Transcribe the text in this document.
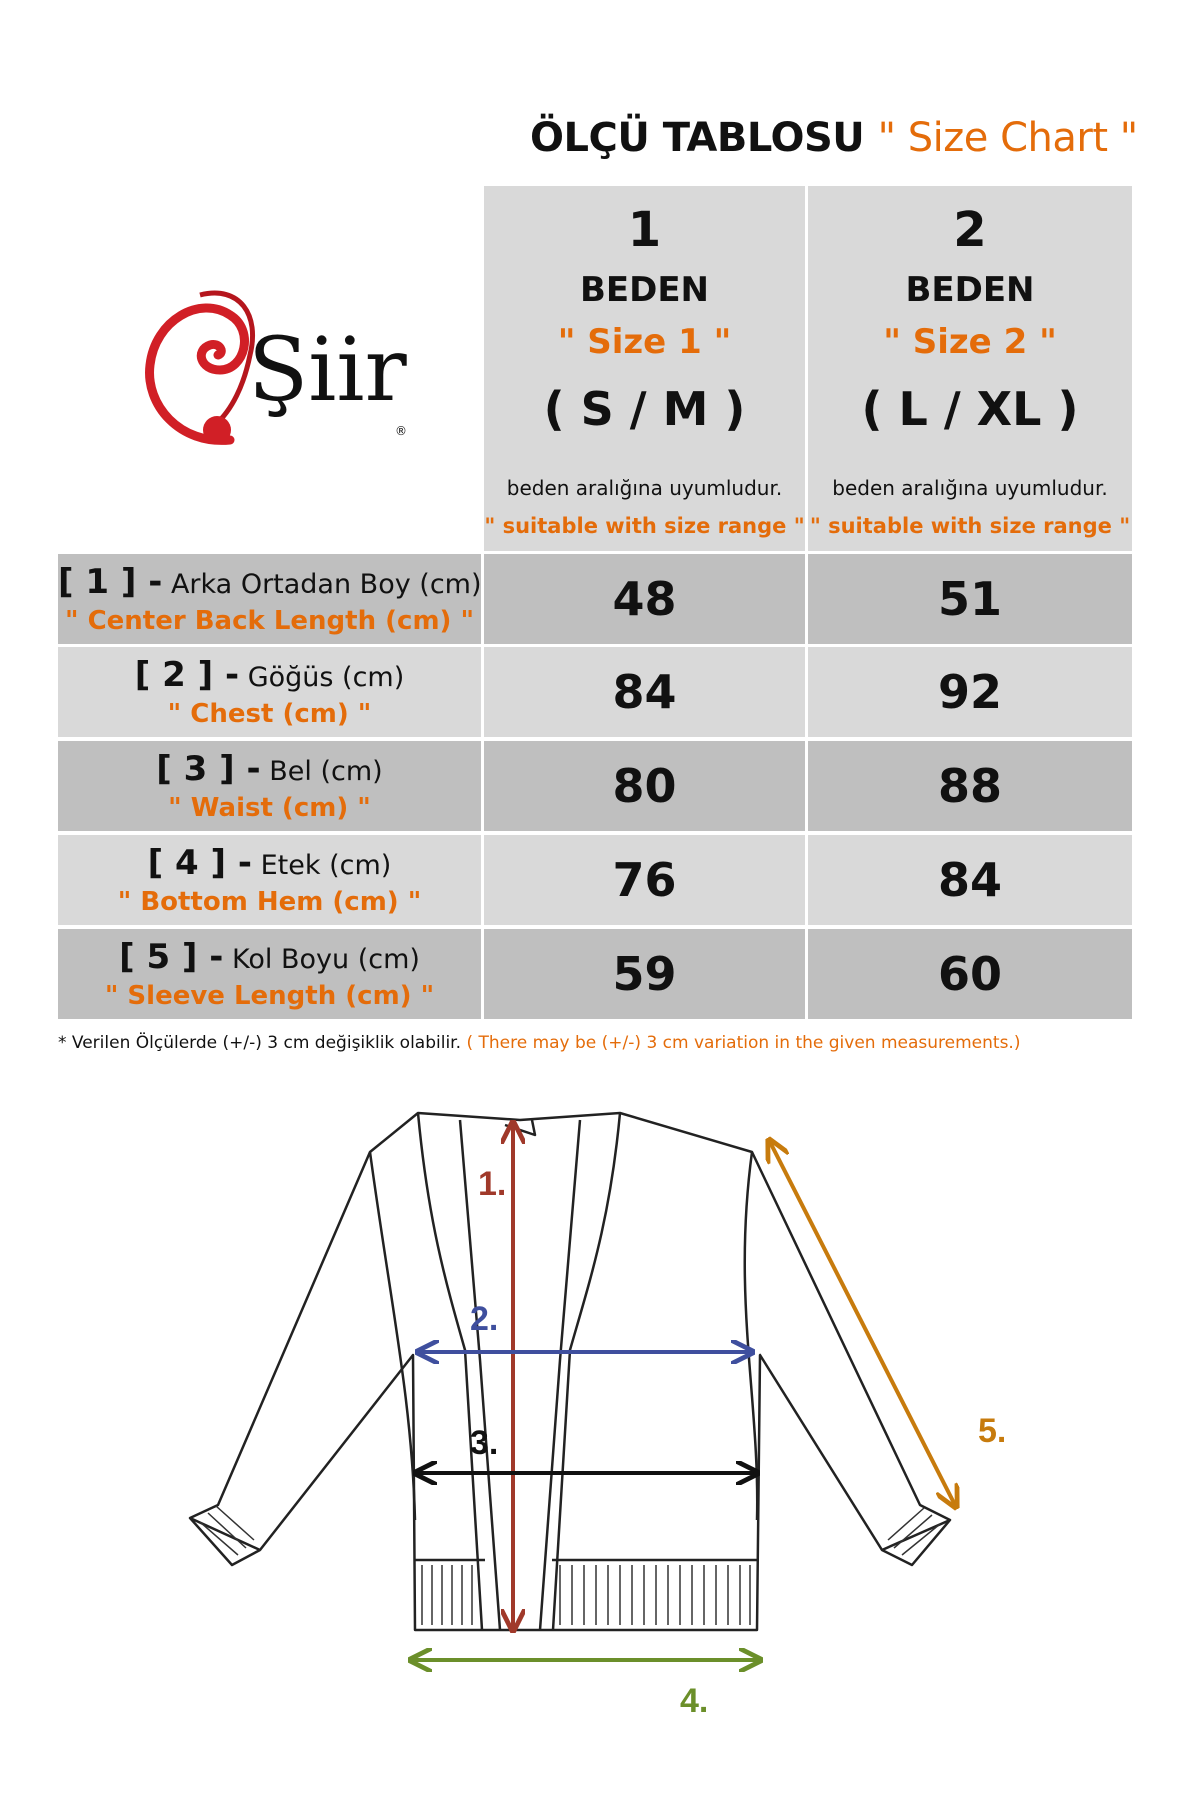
ÖLÇÜ TABLOSU " Size Chart "
Şiir
®
1
BEDEN
" Size 1 "
( S / M )
beden aralığına uyumludur.
" suitable with size range "
2
BEDEN
" Size 2 "
( L / XL )
beden aralığına uyumludur.
" suitable with size range "
[ 1 ] - Arka Ortadan Boy (cm)
" Center Back Length (cm) "	48	51
[ 2 ] - Göğüs (cm)
" Chest (cm) "	84	92
[ 3 ] - Bel (cm)
" Waist (cm) "	80	88
[ 4 ] - Etek (cm)
" Bottom Hem (cm) "	76	84
[ 5 ] - Kol Boyu (cm)
" Sleeve Length (cm) "	59	60
* Verilen Ölçülerde (+/-) 3 cm değişiklik olabilir. ( There may be (+/-) 3 cm variation in the given measurements.)
1.
2.
3.
4.
5.
